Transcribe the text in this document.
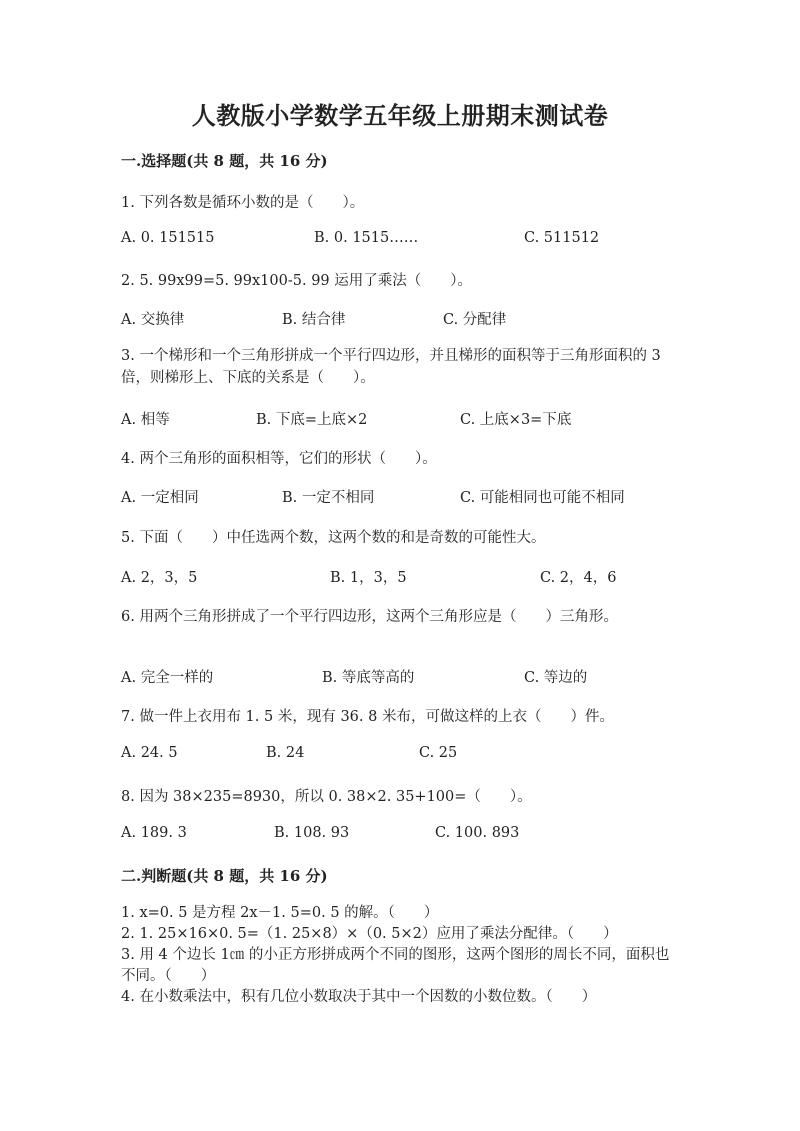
人教版小学数学五年级上册期末测试卷
一.选择题(共 8 题，共 16 分)
1. 下列各数是循环小数的是（　　）。
A. 0. 151515	B. 0. 1515……	C. 511512
2. 5. 99x99=5. 99x100-5. 99 运用了乘法（　　）。
A. 交换律	B. 结合律	C. 分配律
3. 一个梯形和一个三角形拼成一个平行四边形，并且梯形的面积等于三角形面积的 3 倍，则梯形上、下底的关系是（　　）。
A. 相等	B. 下底=上底×2	C. 上底×3=下底
4. 两个三角形的面积相等，它们的形状（　　）。
A. 一定相同	B. 一定不相同	C. 可能相同也可能不相同
5. 下面（　　）中任选两个数，这两个数的和是奇数的可能性大。
A. 2，3，5	B. 1，3，5	C. 2，4，6
6. 用两个三角形拼成了一个平行四边形，这两个三角形应是（　　）三角形。
A. 完全一样的	B. 等底等高的	C. 等边的
7. 做一件上衣用布 1. 5 米，现有 36. 8 米布，可做这样的上衣（　　）件。
A. 24. 5	B. 24	C. 25
8. 因为 38×235=8930，所以 0. 38×2. 35+100=（　　）。
A. 189. 3	B. 108. 93	C. 100. 893
二.判断题(共 8 题，共 16 分)
1. x=0. 5 是方程 2x－1. 5=0. 5 的解。（　　）
2. 1. 25×16×0. 5=（1. 25×8）×（0. 5×2）应用了乘法分配律。（　　）
3. 用 4 个边长 1㎝ 的小正方形拼成两个不同的图形，这两个图形的周长不同，面积也不同。（　　）
4. 在小数乘法中，积有几位小数取决于其中一个因数的小数位数。（　　）
